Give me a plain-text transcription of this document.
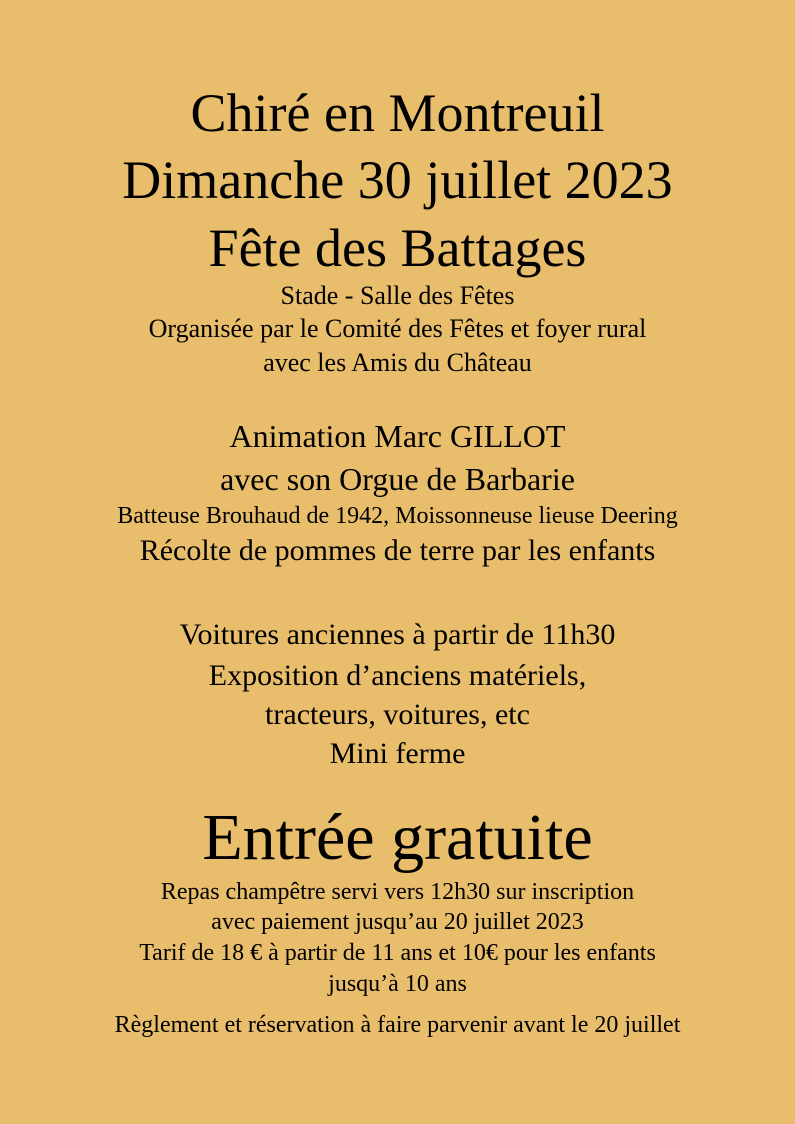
Chiré en Montreuil
Dimanche 30 juillet 2023
Fête des Battages
Stade - Salle des Fêtes
Organisée par le Comité des Fêtes et foyer rural
avec les Amis du Château
Animation Marc GILLOT
avec son Orgue de Barbarie
Batteuse Brouhaud de 1942, Moissonneuse lieuse Deering
Récolte de pommes de terre par les enfants
Voitures anciennes à partir de 11h30
Exposition d’anciens matériels,
tracteurs, voitures, etc
Mini ferme
Entrée gratuite
Repas champêtre servi vers 12h30 sur inscription
avec paiement jusqu’au 20 juillet 2023
Tarif de 18 € à partir de 11 ans et 10€ pour les enfants
jusqu’à 10 ans
Règlement et réservation à faire parvenir avant le 20 juillet
